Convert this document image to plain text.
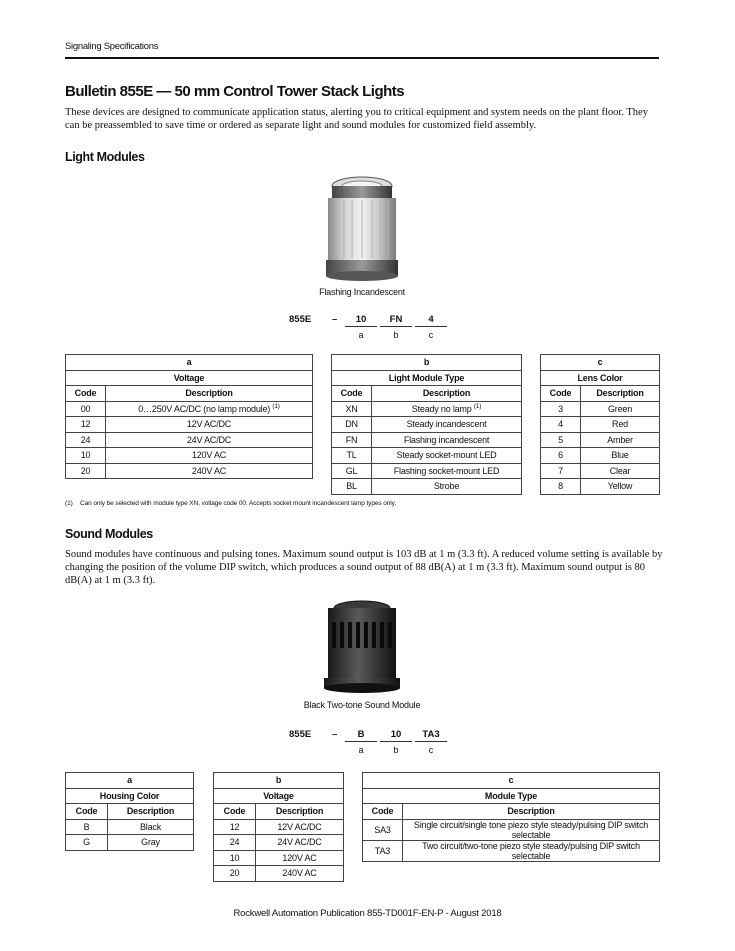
Signaling Specifications
Bulletin 855E — 50 mm Control Tower Stack Lights
These devices are designed to communicate application status, alerting you to critical equipment and system needs on the plant floor. They can be preassembled to save time or ordered as separate light and sound modules for customized field assembly.
Light Modules
Flashing Incandescent
855E –	10
a
FN
b
4
c
a	
Voltage	
Code	Description
00	0…250V AC/DC (no lamp module) $^{(1)}$
12	12V AC/DC
24	24V AC/DC
10	120V AC
20	240V AC
b	
Light Module Type	
Code	Description
XN	Steady no lamp $^{(1)}$
DN	Steady incandescent
FN	Flashing incandescent
TL	Steady socket-mount LED
GL	Flashing socket-mount LED
BL	Strobe
c	
Lens Color	
Code	Description
3	Green
4	Red
5	Amber
6	Blue
7	Clear
8	Yellow
(1) Can only be selected with module type XN, voltage code 00. Accepts socket mount incandescent lamp types only.
Sound Modules
Sound modules have continuous and pulsing tones. Maximum sound output is 103 dB at 1 m (3.3 ft). A reduced volume setting is available by changing the position of the volume DIP switch, which produces a sound output of 88 dB(A) at 1 m (3.3 ft). Maximum sound output is 80 dB(A) at 1 m (3.3 ft).
Black Two-tone Sound Module
855E –	B
a
10
b
TA3
c
a	
Housing Color	
Code	Description
B	Black
G	Gray
b	
Voltage	
Code	Description
12	12V AC/DC
24	24V AC/DC
10	120V AC
20	240V AC
c	
Module Type	
Code	Description
SA3	Single circuit/single tone piezo style steady/pulsing DIP switch selectable
TA3	Two circuit/two-tone piezo style steady/pulsing DIP switch selectable
Rockwell Automation Publication 855-TD001F-EN-P - August 2018
